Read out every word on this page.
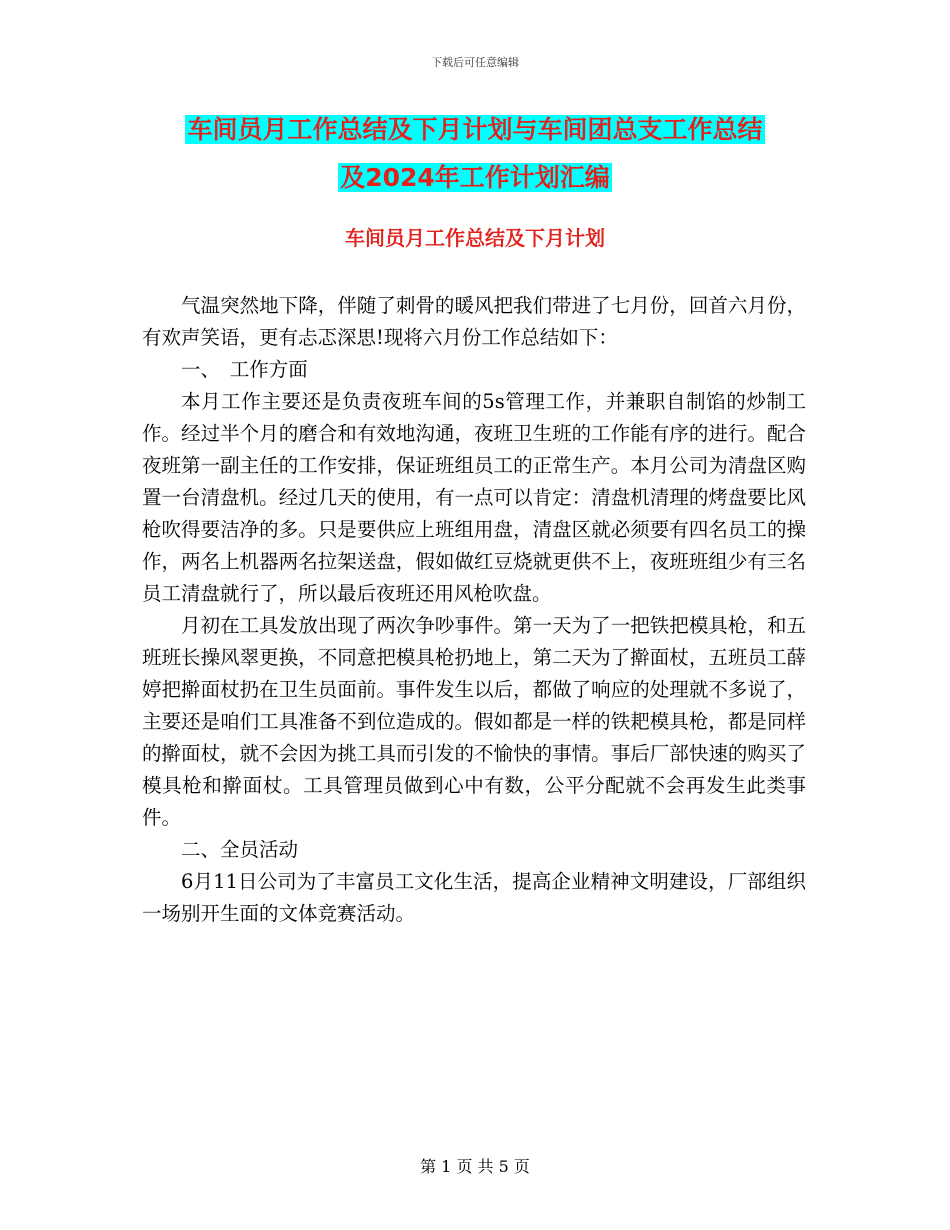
下载后可任意编辑
车间员月工作总结及下月计划与车间团总支工作总结
及2024年工作计划汇编
车间员月工作总结及下月计划

气温突然地下降，伴随了刺骨的暖风把我们带进了七月份，回首六月份，有欢声笑语，更有忐忑深思!现将六月份工作总结如下：

一、　工作方面

本月工作主要还是负责夜班车间的5s管理工作，并兼职自制馅的炒制工作。经过半个月的磨合和有效地沟通，夜班卫生班的工作能有序的进行。配合夜班第一副主任的工作安排，保证班组员工的正常生产。本月公司为清盘区购置一台清盘机。经过几天的使用，有一点可以肯定：清盘机清理的烤盘要比风枪吹得要洁净的多。只是要供应上班组用盘，清盘区就必须要有四名员工的操作，两名上机器两名拉架送盘，假如做红豆烧就更供不上，夜班班组少有三名员工清盘就行了，所以最后夜班还用风枪吹盘。

月初在工具发放出现了两次争吵事件。第一天为了一把铁把模具枪，和五班班长操风翠更换，不同意把模具枪扔地上，第二天为了擀面杖，五班员工薛婷把擀面杖扔在卫生员面前。事件发生以后，都做了响应的处理就不多说了，主要还是咱们工具准备不到位造成的。假如都是一样的铁耙模具枪，都是同样的擀面杖，就不会因为挑工具而引发的不愉快的事情。事后厂部快速的购买了模具枪和擀面杖。工具管理员做到心中有数，公平分配就不会再发生此类事件。

二、全员活动

6月11日公司为了丰富员工文化生活，提高企业精神文明建设，厂部组织一场别开生面的文体竞赛活动。

第 1 页 共 5 页
